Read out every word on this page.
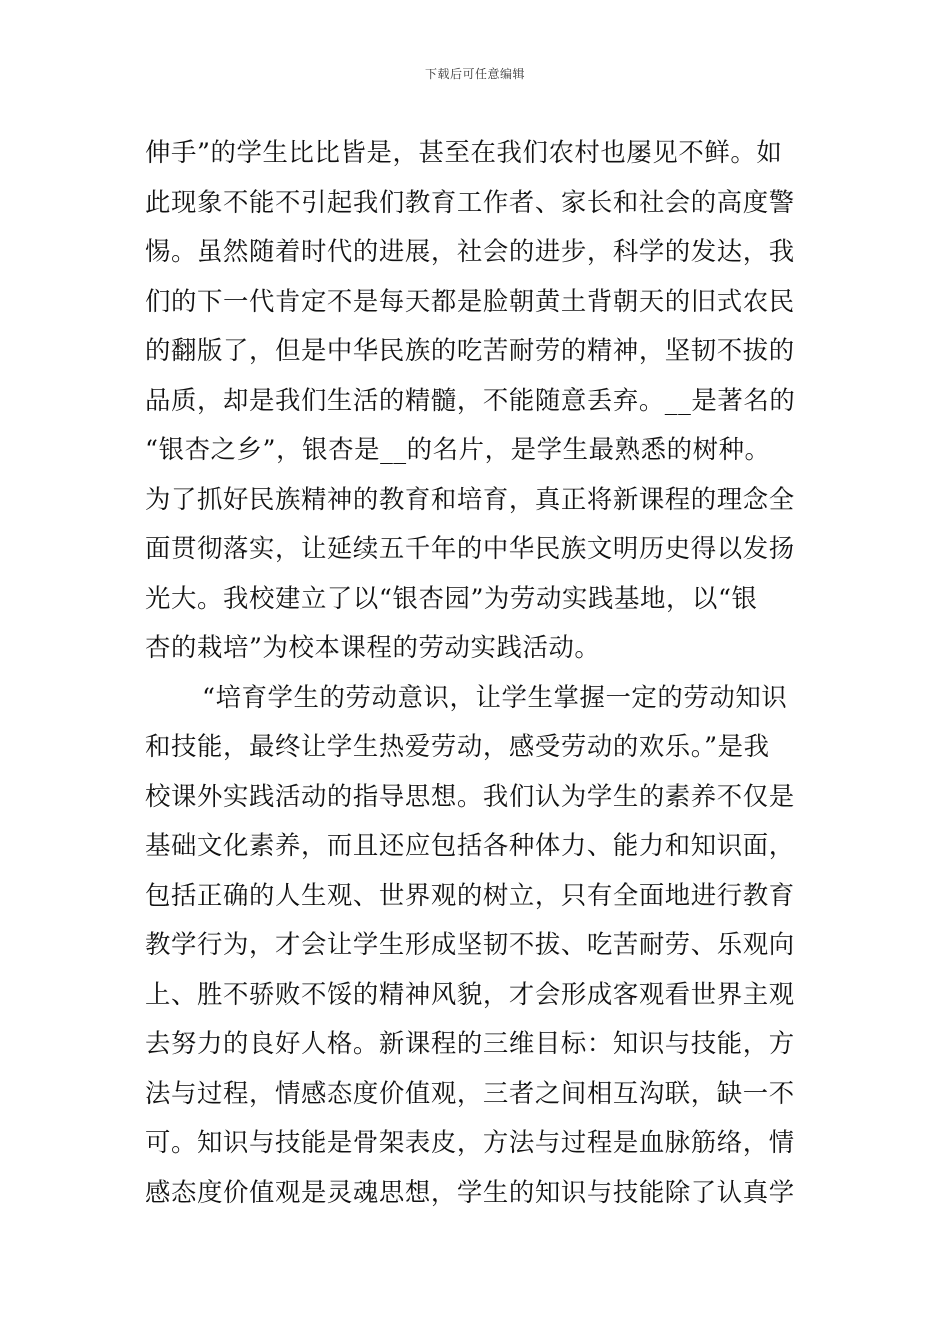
下载后可任意编辑
伸手”的学生比比皆是，甚至在我们农村也屡见不鲜。如
此现象不能不引起我们教育工作者、家长和社会的高度警
惕。虽然随着时代的进展，社会的进步，科学的发达，我
们的下一代肯定不是每天都是脸朝黄土背朝天的旧式农民
的翻版了，但是中华民族的吃苦耐劳的精神，坚韧不拔的
品质，却是我们生活的精髓，不能随意丢弃。__是著名的
“银杏之乡”，银杏是__的名片，是学生最熟悉的树种。
为了抓好民族精神的教育和培育，真正将新课程的理念全
面贯彻落实，让延续五千年的中华民族文明历史得以发扬
光大。我校建立了以“银杏园”为劳动实践基地，以“银
杏的栽培”为校本课程的劳动实践活动。
“培育学生的劳动意识，让学生掌握一定的劳动知识
和技能，最终让学生热爱劳动，感受劳动的欢乐。”是我
校课外实践活动的指导思想。我们认为学生的素养不仅是
基础文化素养，而且还应包括各种体力、能力和知识面，
包括正确的人生观、世界观的树立，只有全面地进行教育
教学行为，才会让学生形成坚韧不拔、吃苦耐劳、乐观向
上、胜不骄败不馁的精神风貌，才会形成客观看世界主观
去努力的良好人格。新课程的三维目标：知识与技能，方
法与过程，情感态度价值观，三者之间相互沟联，缺一不
可。知识与技能是骨架表皮，方法与过程是血脉筋络，情
感态度价值观是灵魂思想，学生的知识与技能除了认真学
